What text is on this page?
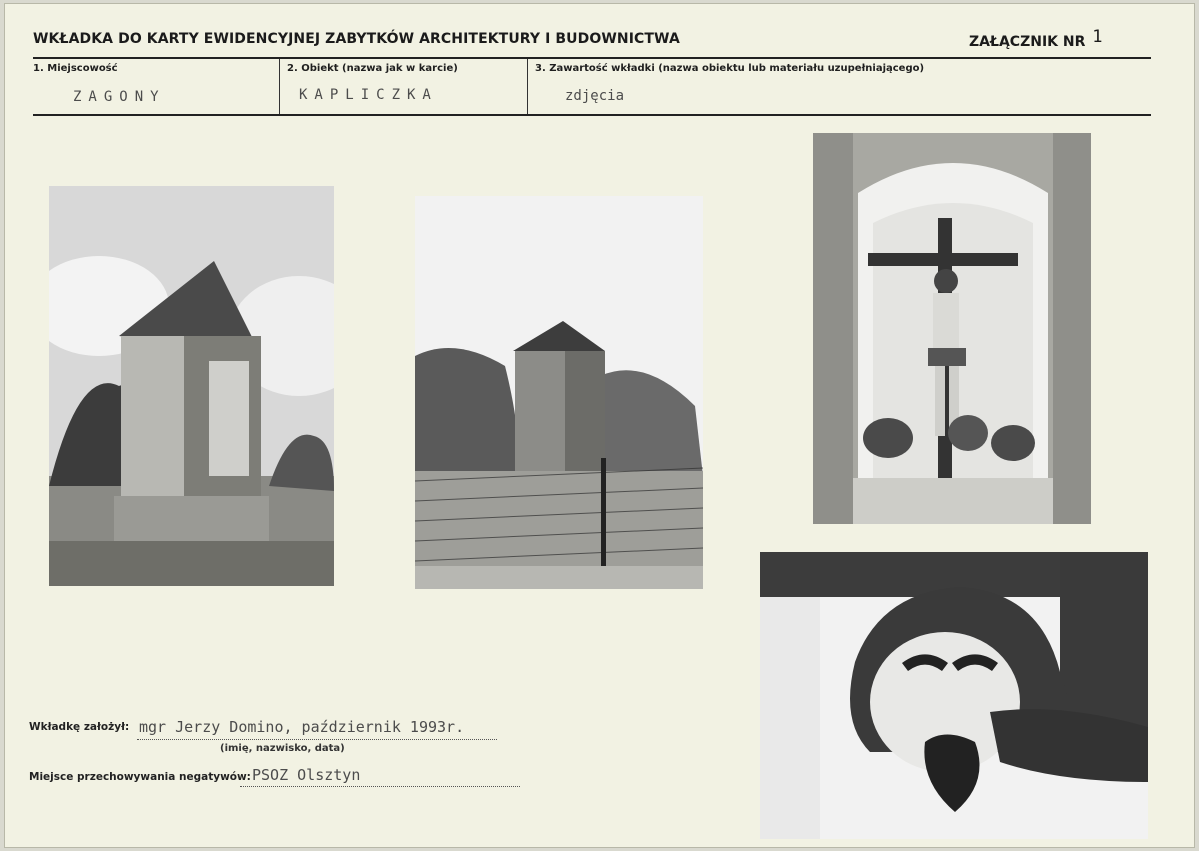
WKŁADKA DO KARTY EWIDENCYJNEJ ZABYTKÓW ARCHITEKTURY I BUDOWNICTWA	ZAŁĄCZNIK NR 1
1. Miejscowość
ZAGONY
2. Obiekt (nazwa jak w karcie)
KAPLICZKA
3. Zawartość wkładki (nazwa obiektu lub materiału uzupełniającego)
zdjęcia
Wkładkę założył: mgr Jerzy Domino, październik 1993r.
(imię, nazwisko, data)
Miejsce przechowywania negatywów: PSOZ Olsztyn
